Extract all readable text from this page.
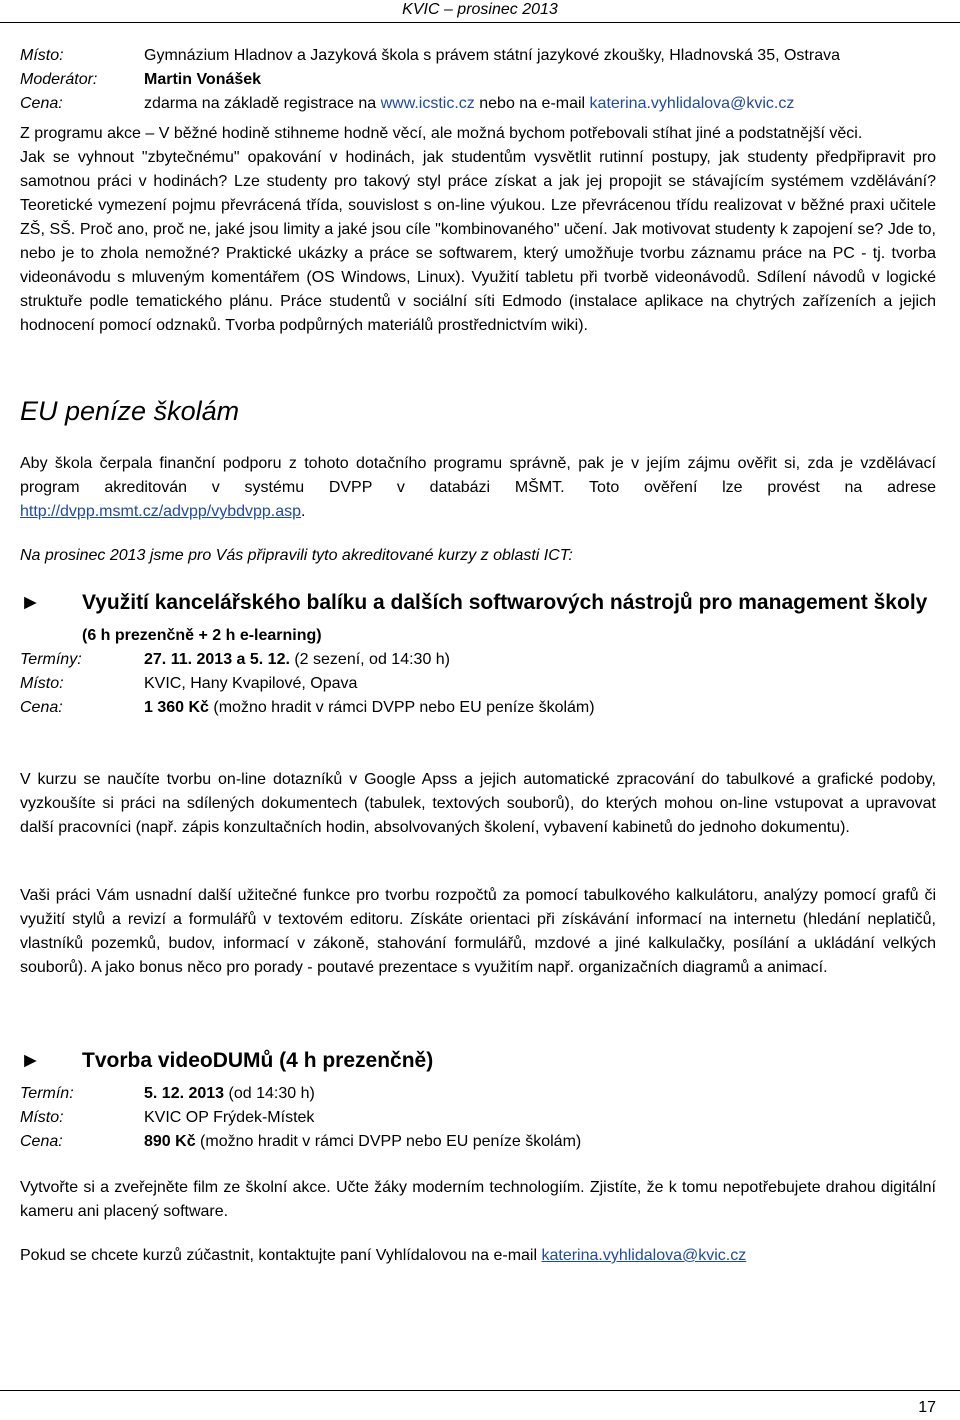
KVIC – prosinec 2013
Místo:	Gymnázium Hladnov a Jazyková škola s právem státní jazykové zkoušky, Hladnovská 35, Ostrava
Moderátor:	Martin Vonášek
Cena:	zdarma na základě registrace na www.icstic.cz nebo na e-mail katerina.vyhlidalova@kvic.cz
Z programu akce – V běžné hodině stihneme hodně věcí, ale možná bychom potřebovali stíhat jiné a podstatnější věci.
Jak se vyhnout "zbytečnému" opakování v hodinách, jak studentům vysvětlit rutinní postupy, jak studenty předpřipravit pro samotnou práci v hodinách? Lze studenty pro takový styl práce získat a jak jej propojit se stávajícím systémem vzdělávání? Teoretické vymezení pojmu převrácená třída, souvislost s on-line výukou. Lze převrácenou třídu realizovat v běžné praxi učitele ZŠ, SŠ. Proč ano, proč ne, jaké jsou limity a jaké jsou cíle "kombinovaného" učení. Jak motivovat studenty k zapojení se? Jde to, nebo je to zhola nemožné? Praktické ukázky a práce se softwarem, který umožňuje tvorbu záznamu práce na PC - tj. tvorba videonávodu s mluveným komentářem (OS Windows, Linux). Využití tabletu při tvorbě videonávodů. Sdílení návodů v logické struktuře podle tematického plánu. Práce studentů v sociální síti Edmodo (instalace aplikace na chytrých zařízeních a jejich hodnocení pomocí odznaků. Tvorba podpůrných materiálů prostřednictvím wiki).
EU peníze školám
Aby škola čerpala finanční podporu z tohoto dotačního programu správně, pak je v jejím zájmu ověřit si, zda je vzdělávací program akreditován v systému DVPP v databázi MŠMT. Toto ověření lze provést na adrese http://dvpp.msmt.cz/advpp/vybdvpp.asp.
Na prosinec 2013 jsme pro Vás připravili tyto akreditované kurzy z oblasti ICT:
►	Využití kancelářského balíku a dalších softwarových nástrojů pro management školy
(6 h prezenčně + 2 h e-learning)
Termíny:	27. 11. 2013 a 5. 12. (2 sezení, od 14:30 h)
Místo:	KVIC, Hany Kvapilové, Opava
Cena:	1 360 Kč (možno hradit v rámci DVPP nebo EU peníze školám)
V kurzu se naučíte tvorbu on-line dotazníků v Google Apss a jejich automatické zpracování do tabulkové a grafické podoby, vyzkoušíte si práci na sdílených dokumentech (tabulek, textových souborů), do kterých mohou on-line vstupovat a upravovat další pracovníci (např. zápis konzultačních hodin, absolvovaných školení, vybavení kabinetů do jednoho dokumentu).
Vaši práci Vám usnadní další užitečné funkce pro tvorbu rozpočtů za pomocí tabulkového kalkulátoru, analýzy pomocí grafů či využití stylů a revizí a formulářů v textovém editoru. Získáte orientaci při získávání informací na internetu (hledání neplatičů, vlastníků pozemků, budov, informací v zákoně, stahování formulářů, mzdové a jiné kalkulačky, posílání a ukládání velkých souborů). A jako bonus něco pro porady - poutavé prezentace s využitím např. organizačních diagramů a animací.
►	Tvorba videoDUMů (4 h prezenčně)
Termín:	5. 12. 2013 (od 14:30 h)
Místo:	KVIC OP Frýdek-Místek
Cena:	890 Kč (možno hradit v rámci DVPP nebo EU peníze školám)
Vytvořte si a zveřejněte film ze školní akce. Učte žáky moderním technologiím. Zjistíte, že k tomu nepotřebujete drahou digitální kameru ani placený software.
Pokud se chcete kurzů zúčastnit, kontaktujte paní Vyhlídalovou na e-mail katerina.vyhlidalova@kvic.cz
17
